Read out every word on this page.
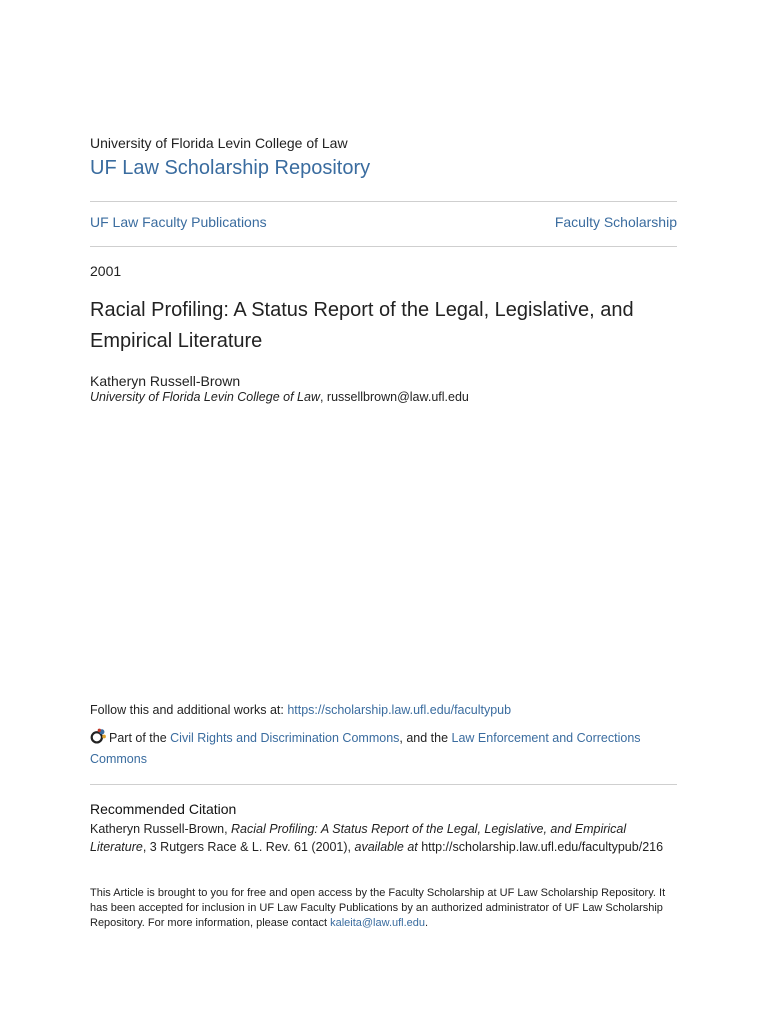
University of Florida Levin College of Law
UF Law Scholarship Repository
UF Law Faculty Publications	Faculty Scholarship
2001
Racial Profiling: A Status Report of the Legal, Legislative, and Empirical Literature
Katheryn Russell-Brown
University of Florida Levin College of Law, russellbrown@law.ufl.edu
Follow this and additional works at: https://scholarship.law.ufl.edu/facultypub
Part of the Civil Rights and Discrimination Commons, and the Law Enforcement and Corrections Commons
Recommended Citation
Katheryn Russell-Brown, Racial Profiling: A Status Report of the Legal, Legislative, and Empirical Literature, 3 Rutgers Race & L. Rev. 61 (2001), available at http://scholarship.law.ufl.edu/facultypub/216
This Article is brought to you for free and open access by the Faculty Scholarship at UF Law Scholarship Repository. It has been accepted for inclusion in UF Law Faculty Publications by an authorized administrator of UF Law Scholarship Repository. For more information, please contact kaleita@law.ufl.edu.
